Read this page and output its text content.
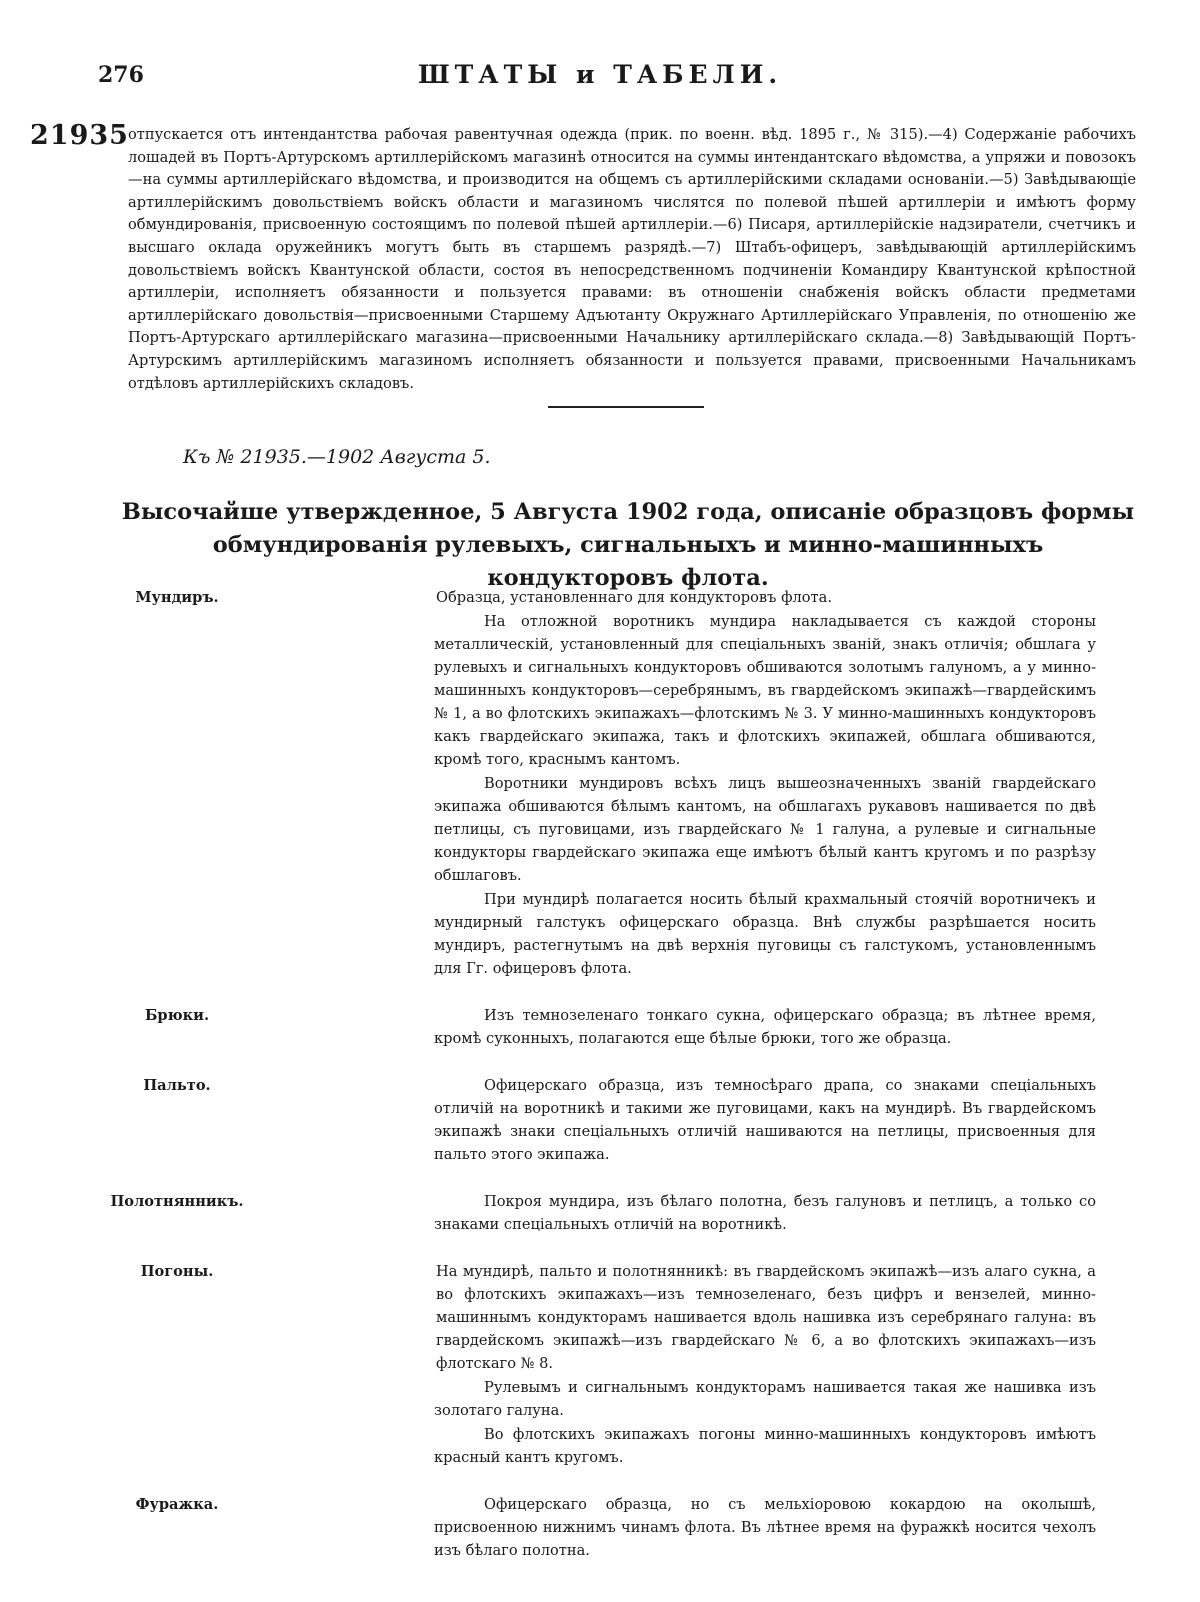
276	ШТАТЫ и ТАБЕЛИ.
21935 отпускается отъ интендантства рабочая равентучная одежда (прик. по военн. вѣд. 1895 г., № 315).—4) Содержаніе рабочихъ лошадей въ Портъ-Артурскомъ артиллерійскомъ магазинѣ относится на суммы интендантскаго вѣдомства, а упряжи и повозокъ—на суммы артиллерійскаго вѣдомства, и производится на общемъ съ артиллерійскими складами основаніи.—5) Завѣдывающіе артиллерійскимъ довольствіемъ войскъ области и магазиномъ числятся по полевой пѣшей артиллеріи и имѣютъ форму обмундированія, присвоенную состоящимъ по полевой пѣшей артиллеріи.—6) Писаря, артиллерійскіе надзиратели, счетчикъ и высшаго оклада оружейникъ могутъ быть въ старшемъ разрядѣ.—7) Штабъ-офицеръ, завѣдывающій артиллерійскимъ довольствіемъ войскъ Квантунской области, состоя въ непосредственномъ подчиненіи Командиру Квантунской крѣпостной артиллеріи, исполняетъ обязанности и пользуется правами: въ отношеніи снабженія войскъ области предметами артиллерійскаго довольствія—присвоенными Старшему Адъютанту Окружнаго Артиллерійскаго Управленія, по отношенію же Портъ-Артурскаго артиллерійскаго магазина—присвоенными Начальнику артиллерійскаго склада.—8) Завѣдывающій Портъ-Артурскимъ артиллерійскимъ магазиномъ исполняетъ обязанности и пользуется правами, присвоенными Начальникамъ отдѣловъ артиллерійскихъ складовъ.

Къ № 21935.—1902 Августа 5.
Высочайше утвержденное, 5 Августа 1902 года, описаніе образцовъ формы обмундированія рулевыхъ, сигнальныхъ и минно-машинныхъ кондукторовъ флота.
Мундиръ.	Образца, установленнаго для кондукторовъ флота.

На отложной воротникъ мундира накладывается съ каждой стороны металлическій, установленный для спеціальныхъ званій, знакъ отличія; обшлага у рулевыхъ и сигнальныхъ кондукторовъ обшиваются золотымъ галуномъ, а у минно-машинныхъ кондукторовъ—серебрянымъ, въ гвардейскомъ экипажѣ—гвардейскимъ № 1, а во флотскихъ экипажахъ—флотскимъ № 3. У минно-машинныхъ кондукторовъ какъ гвардейскаго экипажа, такъ и флотскихъ экипажей, обшлага обшиваются, кромѣ того, краснымъ кантомъ.

Воротники мундировъ всѣхъ лицъ вышеозначенныхъ званій гвардейскаго экипажа обшиваются бѣлымъ кантомъ, на обшлагахъ рукавовъ нашивается по двѣ петлицы, съ пуговицами, изъ гвардейскаго № 1 галуна, а рулевые и сигнальные кондукторы гвардейскаго экипажа еще имѣютъ бѣлый кантъ кругомъ и по разрѣзу обшлаговъ.

При мундирѣ полагается носить бѣлый крахмальный стоячій воротничекъ и мундирный галстукъ офицерскаго образца. Внѣ службы разрѣшается носить мундиръ, растегнутымъ на двѣ верхнія пуговицы съ галстукомъ, установленнымъ для Гг. офицеровъ флота.

Брюки.	Изъ темнозеленаго тонкаго сукна, офицерскаго образца; въ лѣтнее время, кромѣ суконныхъ, полагаются еще бѣлые брюки, того же образца.

Пальто.	Офицерскаго образца, изъ темносѣраго драпа, со знаками спеціальныхъ отличій на воротникѣ и такими же пуговицами, какъ на мундирѣ. Въ гвардейскомъ экипажѣ знаки спеціальныхъ отличій нашиваются на петлицы, присвоенныя для пальто этого экипажа.

Полотнянникъ.	Покроя мундира, изъ бѣлаго полотна, безъ галуновъ и петлицъ, а только со знаками спеціальныхъ отличій на воротникѣ.

Погоны.	На мундирѣ, пальто и полотнянникѣ: въ гвардейскомъ экипажѣ—изъ алаго сукна, а во флотскихъ экипажахъ—изъ темнозеленаго, безъ цифръ и вензелей, минно-машиннымъ кондукторамъ нашивается вдоль нашивка изъ серебрянаго галуна: въ гвардейскомъ экипажѣ—изъ гвардейскаго № 6, а во флотскихъ экипажахъ—изъ флотскаго № 8.

Рулевымъ и сигнальнымъ кондукторамъ нашивается такая же нашивка изъ золотаго галуна.

Во флотскихъ экипажахъ погоны минно-машинныхъ кондукторовъ имѣютъ красный кантъ кругомъ.

Фуражка.	Офицерскаго образца, но съ мельхіоровою кокардою на околышѣ, присвоенною нижнимъ чинамъ флота. Въ лѣтнее время на фуражкѣ носится чехолъ изъ бѣлаго полотна.
